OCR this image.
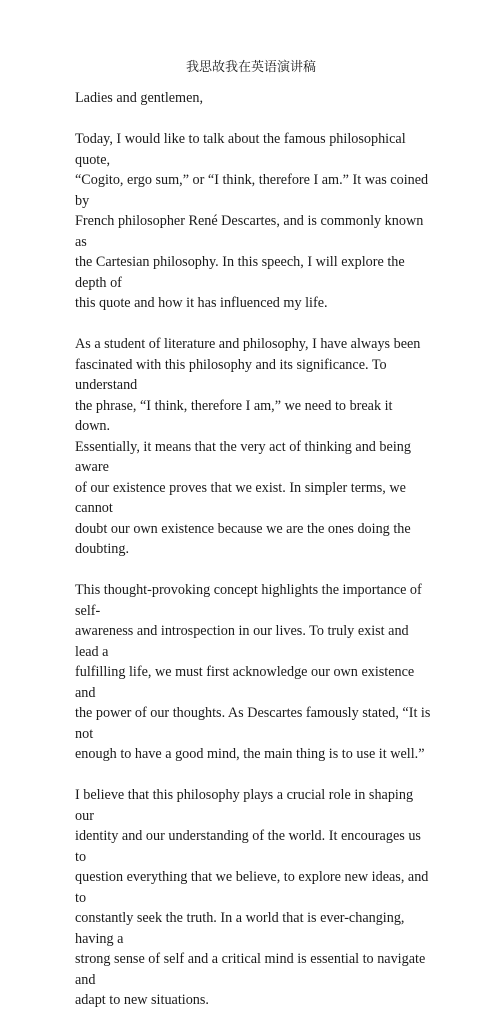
我思故我在英语演讲稿

Ladies and gentlemen,

Today, I would like to talk about the famous philosophical quote,
“Cogito, ergo sum,” or “I think, therefore I am.” It was coined by
French philosopher René Descartes, and is commonly known as
the Cartesian philosophy. In this speech, I will explore the depth of
this quote and how it has influenced my life.

As a student of literature and philosophy, I have always been
fascinated with this philosophy and its significance. To understand
the phrase, “I think, therefore I am,” we need to break it down.
Essentially, it means that the very act of thinking and being aware
of our existence proves that we exist. In simpler terms, we cannot
doubt our own existence because we are the ones doing the
doubting.

This thought-provoking concept highlights the importance of self-
awareness and introspection in our lives. To truly exist and lead a
fulfilling life, we must first acknowledge our own existence and
the power of our thoughts. As Descartes famously stated, “It is not
enough to have a good mind, the main thing is to use it well.”

I believe that this philosophy plays a crucial role in shaping our
identity and our understanding of the world. It encourages us to
question everything that we believe, to explore new ideas, and to
constantly seek the truth. In a world that is ever-changing, having a
strong sense of self and a critical mind is essential to navigate and
adapt to new situations.
